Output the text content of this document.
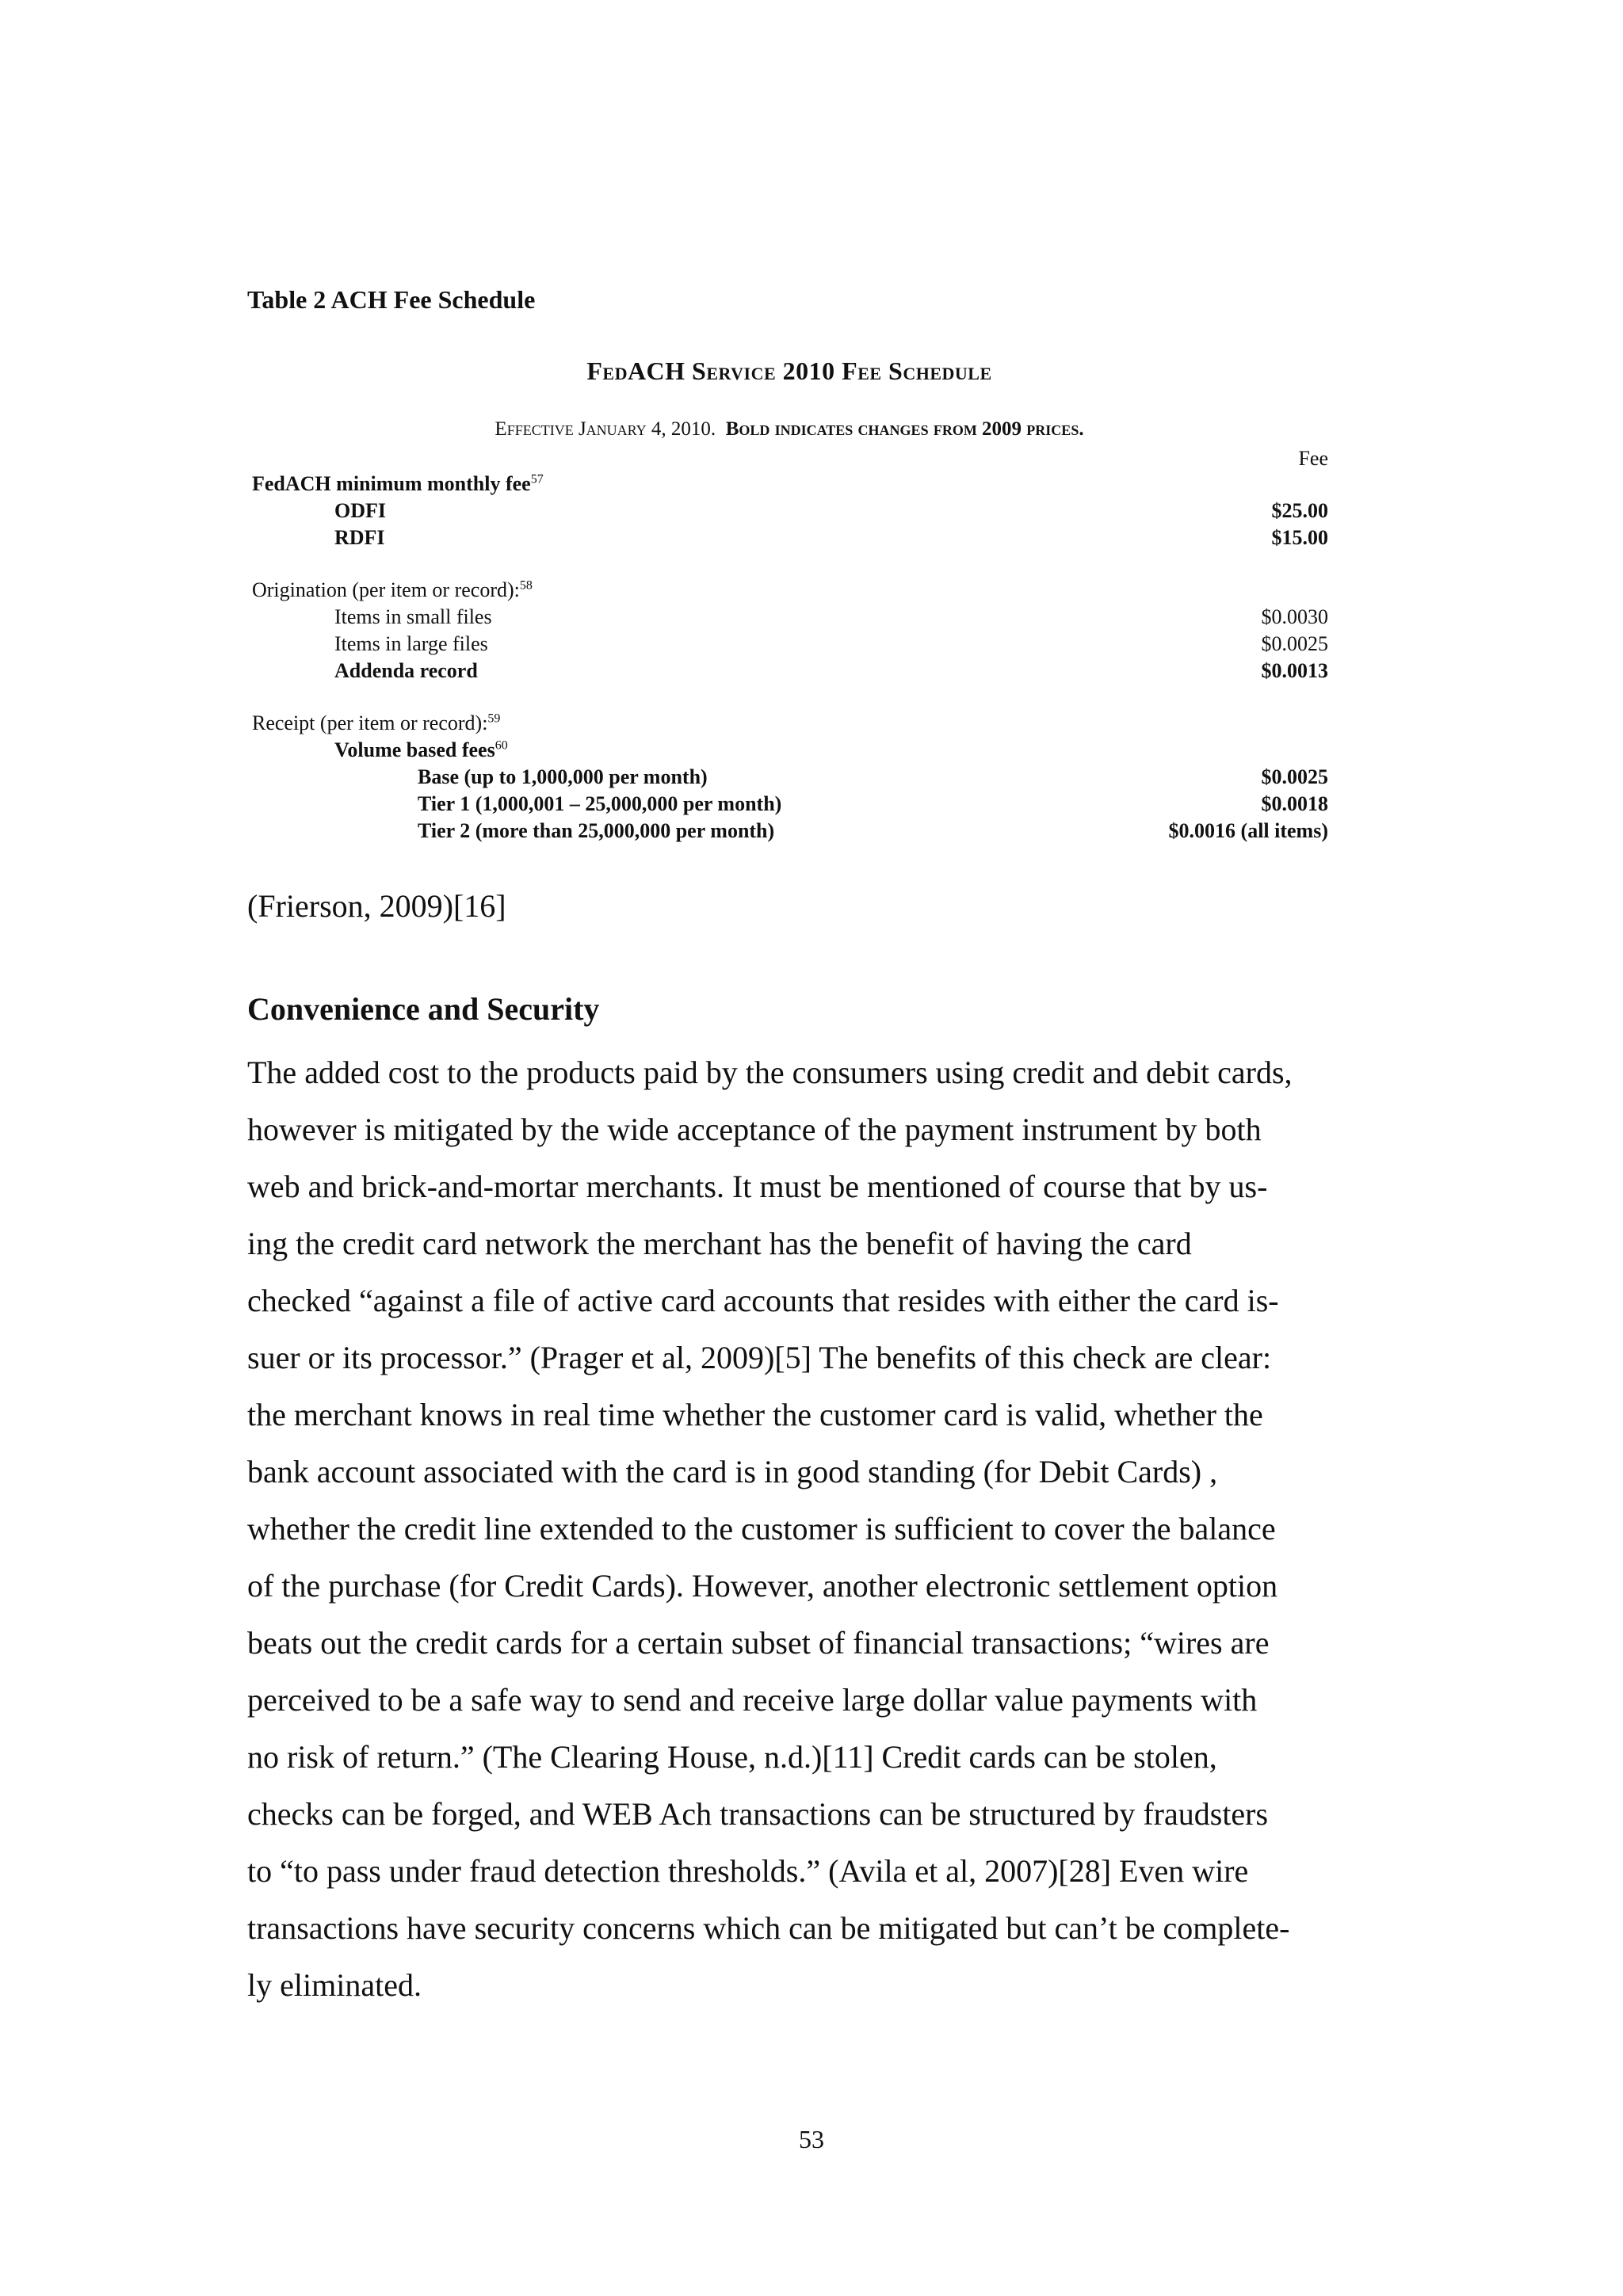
Table 2 ACH Fee Schedule
FedACH Service 2010 Fee Schedule
Effective January 4, 2010. Bold indicates changes from 2009 prices.
Fee
FedACH minimum monthly fee$^{57}$
ODFI	$25.00
RDFI	$15.00
Origination (per item or record):$^{58}$
Items in small files	$0.0030
Items in large files	$0.0025
Addenda record	$0.0013
Receipt (per item or record):$^{59}$
Volume based fees$^{60}$
Base (up to 1,000,000 per month)	$0.0025
Tier 1 (1,000,001 – 25,000,000 per month)	$0.0018
Tier 2 (more than 25,000,000 per month)	$0.0016 (all items)
(Frierson, 2009)[16]
Convenience and Security
The added cost to the products paid by the consumers using credit and debit cards,
however is mitigated by the wide acceptance of the payment instrument by both
web and brick-and-mortar merchants. It must be mentioned of course that by us-
ing the credit card network the merchant has the benefit of having the card
checked “against a file of active card accounts that resides with either the card is-
suer or its processor.” (Prager et al, 2009)[5] The benefits of this check are clear:
the merchant knows in real time whether the customer card is valid, whether the
bank account associated with the card is in good standing (for Debit Cards) ,
whether the credit line extended to the customer is sufficient to cover the balance
of the purchase (for Credit Cards). However, another electronic settlement option
beats out the credit cards for a certain subset of financial transactions; “wires are
perceived to be a safe way to send and receive large dollar value payments with
no risk of return.” (The Clearing House, n.d.)[11] Credit cards can be stolen,
checks can be forged, and WEB Ach transactions can be structured by fraudsters
to “to pass under fraud detection thresholds.” (Avila et al, 2007)[28] Even wire
transactions have security concerns which can be mitigated but can’t be complete-
ly eliminated.
53
